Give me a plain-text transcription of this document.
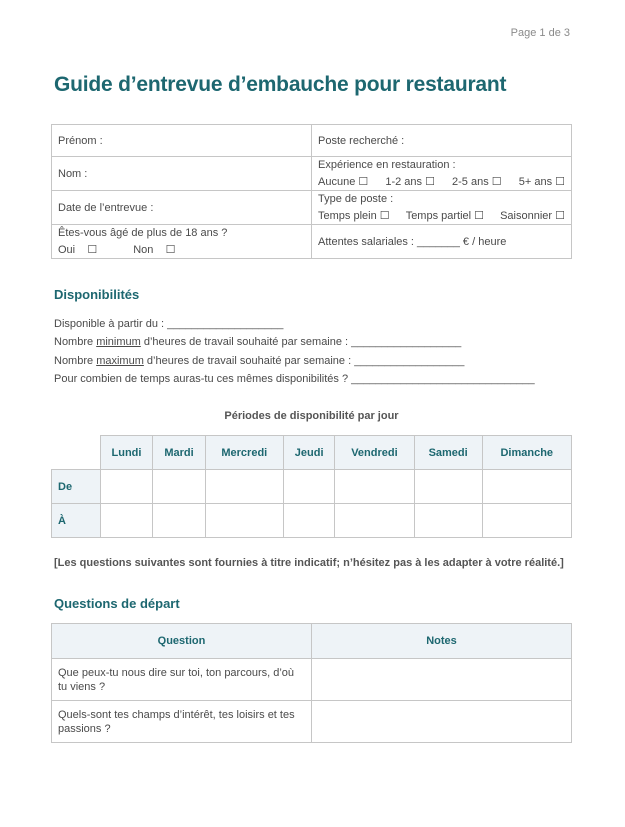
Page 1 de 3
Guide d’entrevue d’embauche pour restaurant
Prénom :	Poste recherché :
Nom :	Expérience en restauration :
Aucune ☐ 1-2 ans ☐ 2-5 ans ☐ 5+ ans ☐

Date de l’entrevue :	Type de poste :
Temps plein ☐ Temps partiel ☐ Saisonnier ☐

Êtes-vous âgé de plus de 18 ans ?
Oui    ☐ Non    ☐	Attentes salariales : _______ € / heure
Disponibilités
Disponible à partir du : ___________________
Nombre minimum d’heures de travail souhaité par semaine : __________________
Nombre maximum d’heures de travail souhaité par semaine : __________________
Pour combien de temps auras-tu ces mêmes disponibilités ? ______________________________
Périodes de disponibilité par jour
	Lundi	Mardi	Mercredi	Jeudi	Vendredi	Samedi	Dimanche
De							
À							
[Les questions suivantes sont fournies à titre indicatif; n’hésitez pas à les adapter à votre réalité.]
Questions de départ
Question	Notes
Que peux-tu nous dire sur toi, ton parcours, d’où tu viens ?	
Quels-sont tes champs d’intérêt, tes loisirs et tes passions ?	
